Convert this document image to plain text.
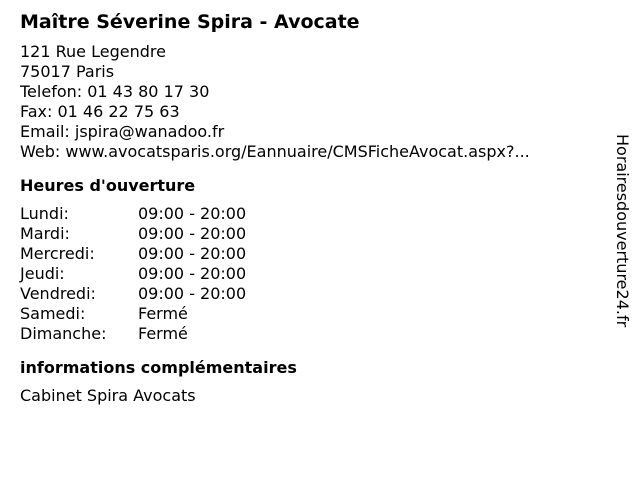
Maître Séverine Spira - Avocate
121 Rue Legendre
75017 Paris
Telefon: 01 43 80 17 30
Fax: 01 46 22 75 63
Email: jspira@wanadoo.fr
Web: www.avocatsparis.org/Eannuaire/CMSFicheAvocat.aspx?...
Heures d'ouverture
Lundi:	09:00 - 20:00
Mardi:	09:00 - 20:00
Mercredi:	09:00 - 20:00
Jeudi:	09:00 - 20:00
Vendredi:	09:00 - 20:00
Samedi:	Fermé
Dimanche:	Fermé
informations complémentaires
Cabinet Spira Avocats
Horairesdouverture24.fr
